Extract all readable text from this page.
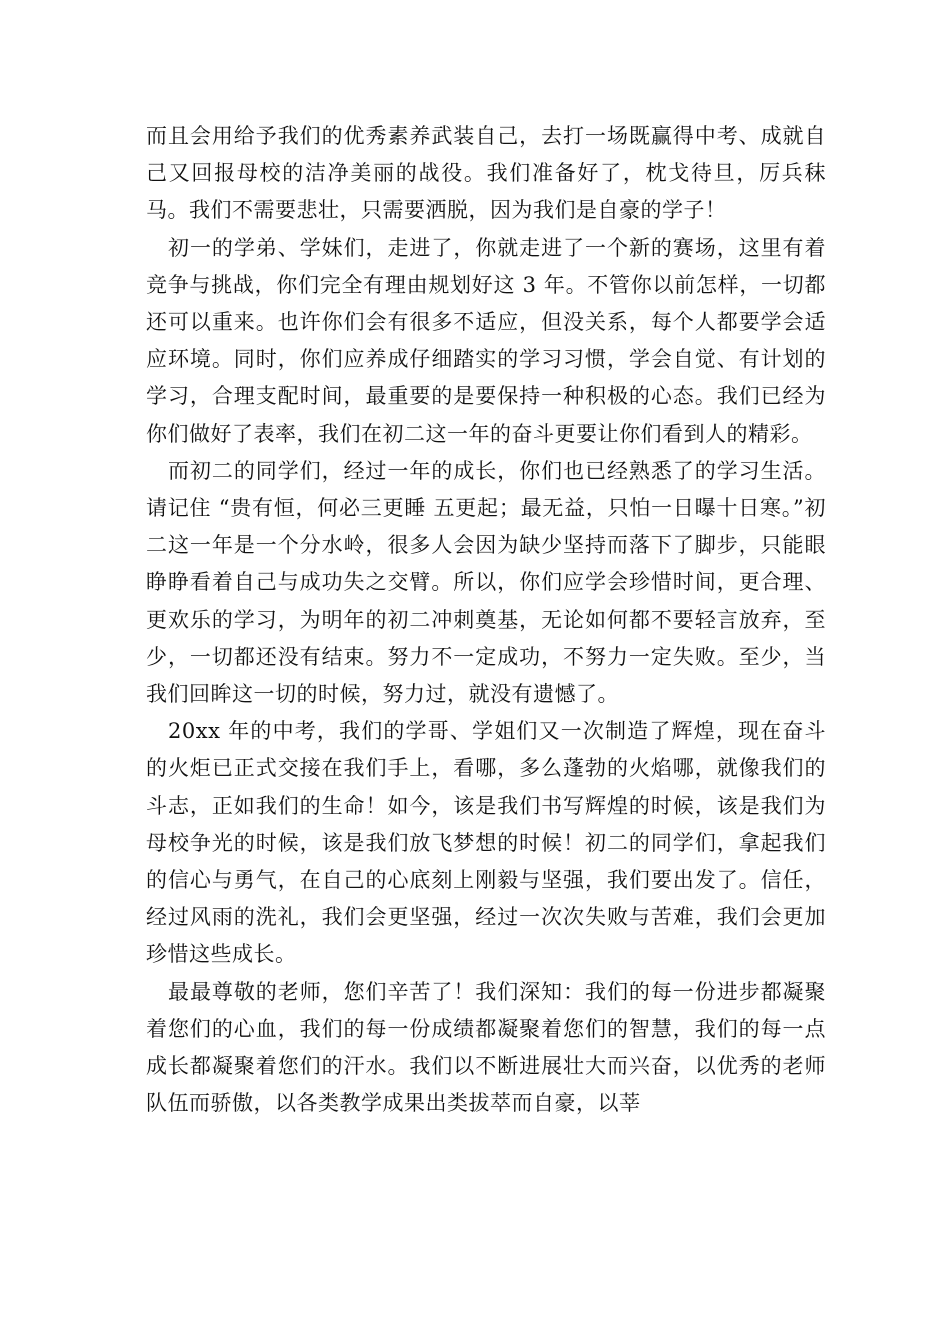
而且会用给予我们的优秀素养武装自己，去打一场既赢得中考、成就自己又回报母校的洁净美丽的战役。我们准备好了，枕戈待旦，厉兵秣马。我们不需要悲壮，只需要洒脱，因为我们是自豪的学子！

初一的学弟、学妹们，走进了，你就走进了一个新的赛场，这里有着竞争与挑战，你们完全有理由规划好这 3 年。不管你以前怎样，一切都还可以重来。也许你们会有很多不适应，但没关系，每个人都要学会适应环境。同时，你们应养成仔细踏实的学习习惯，学会自觉、有计划的学习，合理支配时间，最重要的是要保持一种积极的心态。我们已经为你们做好了表率，我们在初二这一年的奋斗更要让你们看到人的精彩。

而初二的同学们，经过一年的成长，你们也已经熟悉了的学习生活。请记住 “贵有恒，何必三更睡 五更起；最无益，只怕一日曝十日寒。”初二这一年是一个分水岭，很多人会因为缺少坚持而落下了脚步，只能眼睁睁看着自己与成功失之交臂。所以，你们应学会珍惜时间，更合理、更欢乐的学习，为明年的初二冲刺奠基，无论如何都不要轻言放弃，至少，一切都还没有结束。努力不一定成功，不努力一定失败。至少，当我们回眸这一切的时候，努力过，就没有遗憾了。

20xx 年的中考，我们的学哥、学姐们又一次制造了辉煌，现在奋斗的火炬已正式交接在我们手上，看哪，多么蓬勃的火焰哪，就像我们的斗志，正如我们的生命！如今，该是我们书写辉煌的时候，该是我们为母校争光的时候，该是我们放飞梦想的时候！初二的同学们，拿起我们的信心与勇气，在自己的心底刻上刚毅与坚强，我们要出发了。信任，经过风雨的洗礼，我们会更坚强，经过一次次失败与苦难，我们会更加珍惜这些成长。

最最尊敬的老师，您们辛苦了！我们深知：我们的每一份进步都凝聚着您们的心血，我们的每一份成绩都凝聚着您们的智慧，我们的每一点成长都凝聚着您们的汗水。我们以不断进展壮大而兴奋，以优秀的老师队伍而骄傲，以各类教学成果出类拔萃而自豪，以莘
